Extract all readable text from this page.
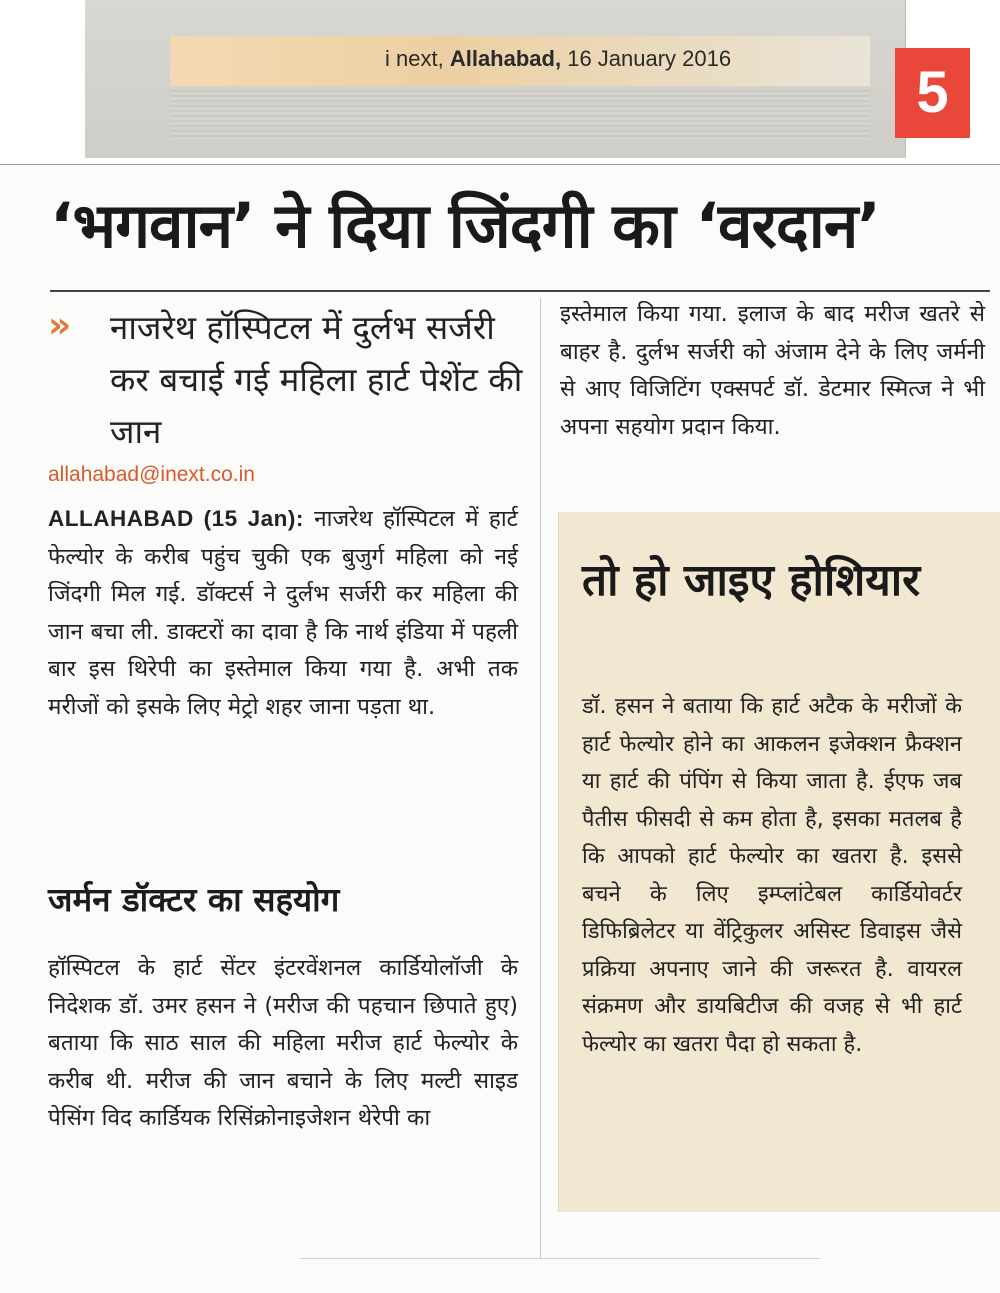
i next, Allahabad, 16 January 2016
5
‘भगवान’ ने दिया जिंदगी का ‘वरदान’
» नाजरेथ हॉस्पिटल में दुर्लभ सर्जरी कर बचाई गई महिला हार्ट पेशेंट की जान
allahabad@inext.co.in
ALLAHABAD (15 Jan): नाजरेथ हॉस्पिटल में हार्ट फेल्योर के करीब पहुंच चुकी एक बुजुर्ग महिला को नई जिंदगी मिल गई. डॉक्टर्स ने दुर्लभ सर्जरी कर महिला की जान बचा ली. डाक्टरों का दावा है कि नार्थ इंडिया में पहली बार इस थिरेपी का इस्तेमाल किया गया है. अभी तक मरीजों को इसके लिए मेट्रो शहर जाना पड़ता था.
जर्मन डॉक्टर का सहयोग
हॉस्पिटल के हार्ट सेंटर इंटरवेंशनल कार्डियोलॉजी के निदेशक डॉ. उमर हसन ने (मरीज की पहचान छिपाते हुए) बताया कि साठ साल की महिला मरीज हार्ट फेल्योर के करीब थी. मरीज की जान बचाने के लिए मल्टी साइड पेसिंग विद कार्डियक रिसिंक्रोनाइजेशन थेरेपी का
इस्तेमाल किया गया. इलाज के बाद मरीज खतरे से बाहर है. दुर्लभ सर्जरी को अंजाम देने के लिए जर्मनी से आए विजिटिंग एक्सपर्ट डॉ. डेटमार स्मित्ज ने भी अपना सहयोग प्रदान किया.
तो हो जाइए होशियार
डॉ. हसन ने बताया कि हार्ट अटैक के मरीजों के हार्ट फेल्योर होने का आकलन इजेक्शन फ्रैक्शन या हार्ट की पंपिंग से किया जाता है. ईएफ जब पैतीस फीसदी से कम होता है, इसका मतलब है कि आपको हार्ट फेल्योर का खतरा है. इससे बचने के लिए इम्प्लांटेबल कार्डियोवर्टर डिफिब्रिलेटर या वेंट्रिकुलर असिस्ट डिवाइस जैसे प्रक्रिया अपनाए जाने की जरूरत है. वायरल संक्रमण और डायबिटीज की वजह से भी हार्ट फेल्योर का खतरा पैदा हो सकता है.
